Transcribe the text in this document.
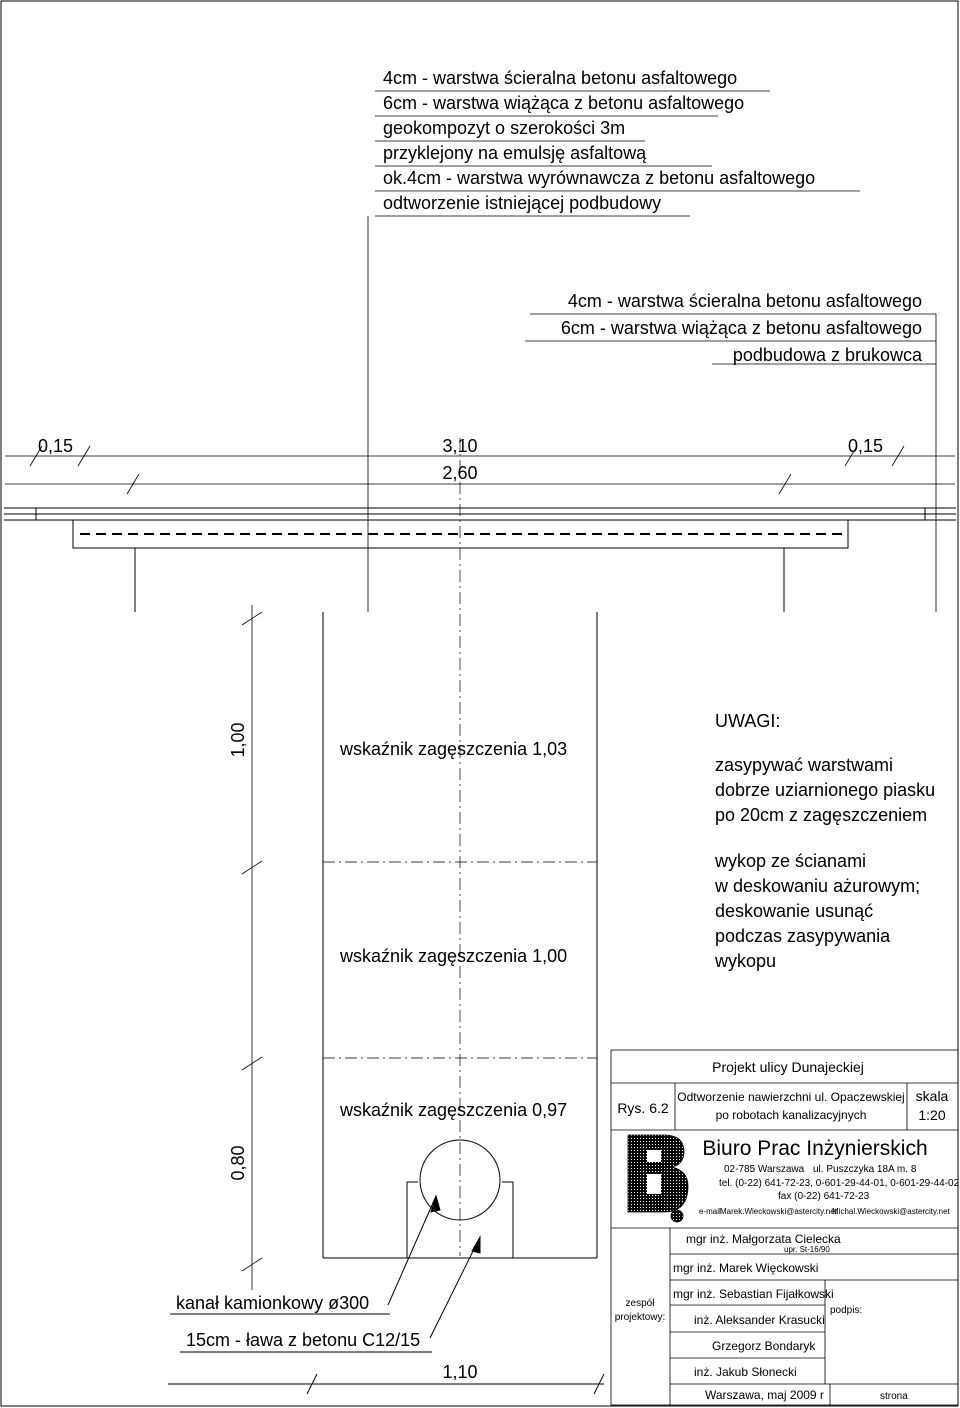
4cm - warstwa ścieralna betonu asfaltowego
6cm - warstwa wiążąca z betonu asfaltowego
geokompozyt o szerokości 3m
przyklejony na emulsję asfaltową
ok.4cm - warstwa wyrównawcza z betonu asfaltowego
odtworzenie istniejącej podbudowy
4cm - warstwa ścieralna betonu asfaltowego
6cm - warstwa wiążąca z betonu asfaltowego
podbudowa z brukowca
0,15	3,10	0,15
2,60
1,00
0,80
wskaźnik zagęszczenia 1,03
wskaźnik zagęszczenia 1,00
wskaźnik zagęszczenia 0,97
UWAGI:
zasypywać warstwami
dobrze uziarnionego piasku
po 20cm z zagęszczeniem
wykop ze ścianami
w deskowaniu ażurowym;
deskowanie usunąć
podczas zasypywania
wykopu
kanał kamionkowy ø300
15cm - ława z betonu C12/15
1,10
Projekt ulicy Dunajeckiej
Rys. 6.2
Odtworzenie nawierzchni ul. Opaczewskiej
po robotach kanalizacyjnych
skala
1:20
Biuro Prac Inżynierskich
02-785 Warszawa ul. Puszczyka 18A m. 8
tel. (0-22) 641-72-23, 0-601-29-44-01, 0-601-29-44-02
fax (0-22) 641-72-23
e-mail Marek.Wieckowski@astercity.net
Michal.Wieckowski@astercity.net
mgr inż. Małgorzata Cielecka
upr. St-16/90
mgr inż. Marek Więckowski
zespół
projektowy:
mgr inż. Sebastian Fijałkowski
inż. Aleksander Krasucki
Grzegorz Bondaryk
inż. Jakub Słonecki
podpis:
Warszawa, maj 2009 r	strona
